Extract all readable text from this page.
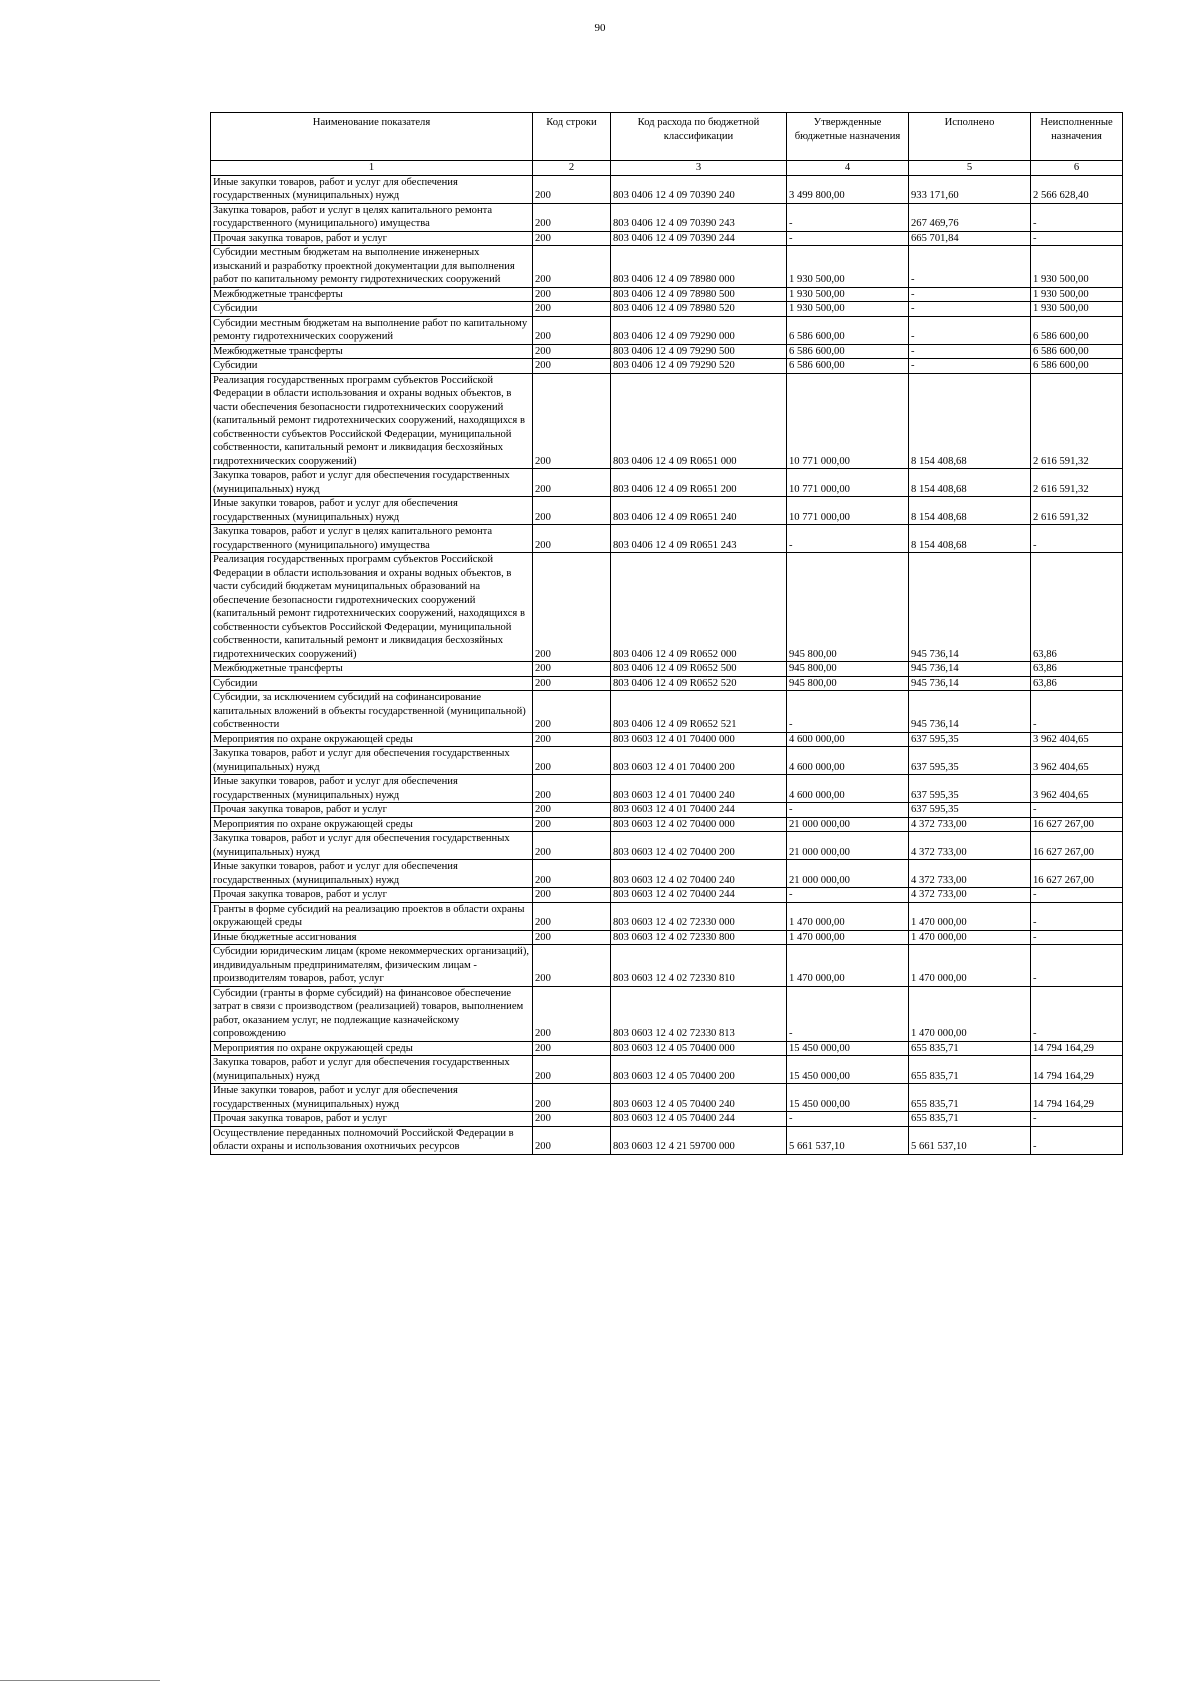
90
Наименование показателя	Код строки	Код расхода по бюджетной классификации	Утвержденные бюджетные назначения	Исполнено	Неисполненные назначения
1	2	3	4	5	6
Иные закупки товаров, работ и услуг для обеспечения государственных (муниципальных) нужд	200	803 0406 12 4 09 70390 240	3 499 800,00	933 171,60	2 566 628,40
Закупка товаров, работ и услуг в целях капитального ремонта государственного (муниципального) имущества	200	803 0406 12 4 09 70390 243	-	267 469,76	-
Прочая закупка товаров, работ и услуг	200	803 0406 12 4 09 70390 244	-	665 701,84	-
Субсидии местным бюджетам на выполнение инженерных изысканий и разработку проектной документации для выполнения работ по капитальному ремонту гидротехнических сооружений	200	803 0406 12 4 09 78980 000	1 930 500,00	-	1 930 500,00
Межбюджетные трансферты	200	803 0406 12 4 09 78980 500	1 930 500,00	-	1 930 500,00
Субсидии	200	803 0406 12 4 09 78980 520	1 930 500,00	-	1 930 500,00
Субсидии местным бюджетам на выполнение работ по капитальному ремонту гидротехнических сооружений	200	803 0406 12 4 09 79290 000	6 586 600,00	-	6 586 600,00
Межбюджетные трансферты	200	803 0406 12 4 09 79290 500	6 586 600,00	-	6 586 600,00
Субсидии	200	803 0406 12 4 09 79290 520	6 586 600,00	-	6 586 600,00
Реализация государственных программ субъектов Российской Федерации в области использования и охраны водных объектов, в части обеспечения безопасности гидротехнических сооружений (капитальный ремонт гидротехнических сооружений, находящихся в собственности субъектов Российской Федерации, муниципальной собственности, капитальный ремонт и ликвидация бесхозяйных гидротехнических сооружений)	200	803 0406 12 4 09 R0651 000	10 771 000,00	8 154 408,68	2 616 591,32
Закупка товаров, работ и услуг для обеспечения государственных (муниципальных) нужд	200	803 0406 12 4 09 R0651 200	10 771 000,00	8 154 408,68	2 616 591,32
Иные закупки товаров, работ и услуг для обеспечения государственных (муниципальных) нужд	200	803 0406 12 4 09 R0651 240	10 771 000,00	8 154 408,68	2 616 591,32
Закупка товаров, работ и услуг в целях капитального ремонта государственного (муниципального) имущества	200	803 0406 12 4 09 R0651 243	-	8 154 408,68	-
Реализация государственных программ субъектов Российской Федерации в области использования и охраны водных объектов, в части субсидий бюджетам муниципальных образований на обеспечение безопасности гидротехнических сооружений (капитальный ремонт гидротехнических сооружений, находящихся в собственности субъектов Российской Федерации, муниципальной собственности, капитальный ремонт и ликвидация бесхозяйных гидротехнических сооружений)	200	803 0406 12 4 09 R0652 000	945 800,00	945 736,14	63,86
Межбюджетные трансферты	200	803 0406 12 4 09 R0652 500	945 800,00	945 736,14	63,86
Субсидии	200	803 0406 12 4 09 R0652 520	945 800,00	945 736,14	63,86
Субсидии, за исключением субсидий на софинансирование капитальных вложений в объекты государственной (муниципальной) собственности	200	803 0406 12 4 09 R0652 521	-	945 736,14	-
Мероприятия по охране окружающей среды	200	803 0603 12 4 01 70400 000	4 600 000,00	637 595,35	3 962 404,65
Закупка товаров, работ и услуг для обеспечения государственных (муниципальных) нужд	200	803 0603 12 4 01 70400 200	4 600 000,00	637 595,35	3 962 404,65
Иные закупки товаров, работ и услуг для обеспечения государственных (муниципальных) нужд	200	803 0603 12 4 01 70400 240	4 600 000,00	637 595,35	3 962 404,65
Прочая закупка товаров, работ и услуг	200	803 0603 12 4 01 70400 244	-	637 595,35	-
Мероприятия по охране окружающей среды	200	803 0603 12 4 02 70400 000	21 000 000,00	4 372 733,00	16 627 267,00
Закупка товаров, работ и услуг для обеспечения государственных (муниципальных) нужд	200	803 0603 12 4 02 70400 200	21 000 000,00	4 372 733,00	16 627 267,00
Иные закупки товаров, работ и услуг для обеспечения государственных (муниципальных) нужд	200	803 0603 12 4 02 70400 240	21 000 000,00	4 372 733,00	16 627 267,00
Прочая закупка товаров, работ и услуг	200	803 0603 12 4 02 70400 244	-	4 372 733,00	-
Гранты в форме субсидий на реализацию проектов в области охраны окружающей среды	200	803 0603 12 4 02 72330 000	1 470 000,00	1 470 000,00	-
Иные бюджетные ассигнования	200	803 0603 12 4 02 72330 800	1 470 000,00	1 470 000,00	-
Субсидии юридическим лицам (кроме некоммерческих организаций), индивидуальным предпринимателям, физическим лицам - производителям товаров, работ, услуг	200	803 0603 12 4 02 72330 810	1 470 000,00	1 470 000,00	-
Субсидии (гранты в форме субсидий) на финансовое обеспечение затрат в связи с производством (реализацией) товаров, выполнением работ, оказанием услуг, не подлежащие казначейскому сопровождению	200	803 0603 12 4 02 72330 813	-	1 470 000,00	-
Мероприятия по охране окружающей среды	200	803 0603 12 4 05 70400 000	15 450 000,00	655 835,71	14 794 164,29
Закупка товаров, работ и услуг для обеспечения государственных (муниципальных) нужд	200	803 0603 12 4 05 70400 200	15 450 000,00	655 835,71	14 794 164,29
Иные закупки товаров, работ и услуг для обеспечения государственных (муниципальных) нужд	200	803 0603 12 4 05 70400 240	15 450 000,00	655 835,71	14 794 164,29
Прочая закупка товаров, работ и услуг	200	803 0603 12 4 05 70400 244	-	655 835,71	-
Осуществление переданных полномочий Российской Федерации в области охраны и использования охотничьих ресурсов	200	803 0603 12 4 21 59700 000	5 661 537,10	5 661 537,10	-
